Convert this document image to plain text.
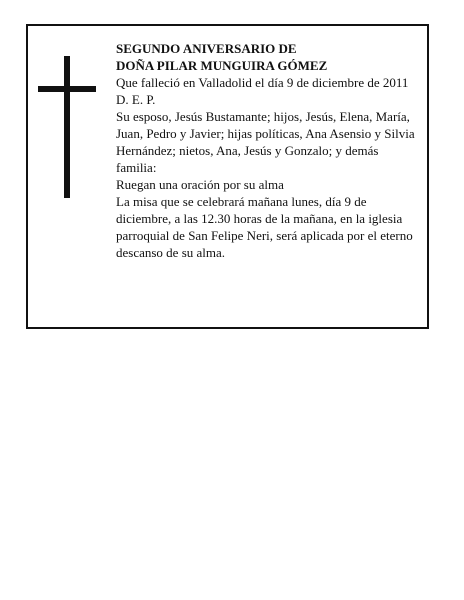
SEGUNDO ANIVERSARIO DE

DOÑA PILAR MUNGUIRA GÓMEZ

Que falleció en Valladolid el día 9 de diciembre de 2011

D. E. P.

Su esposo, Jesús Bustamante; hijos, Jesús, Elena, María, Juan, Pedro y Javier; hijas políticas, Ana Asensio y Silvia Hernández; nietos, Ana, Jesús y Gonzalo; y demás familia:

Ruegan una oración por su alma

La misa que se celebrará mañana lunes, día 9 de diciembre, a las 12.30 horas de la mañana, en la iglesia parroquial de San Felipe Neri, será aplicada por el eterno descanso de su alma.
